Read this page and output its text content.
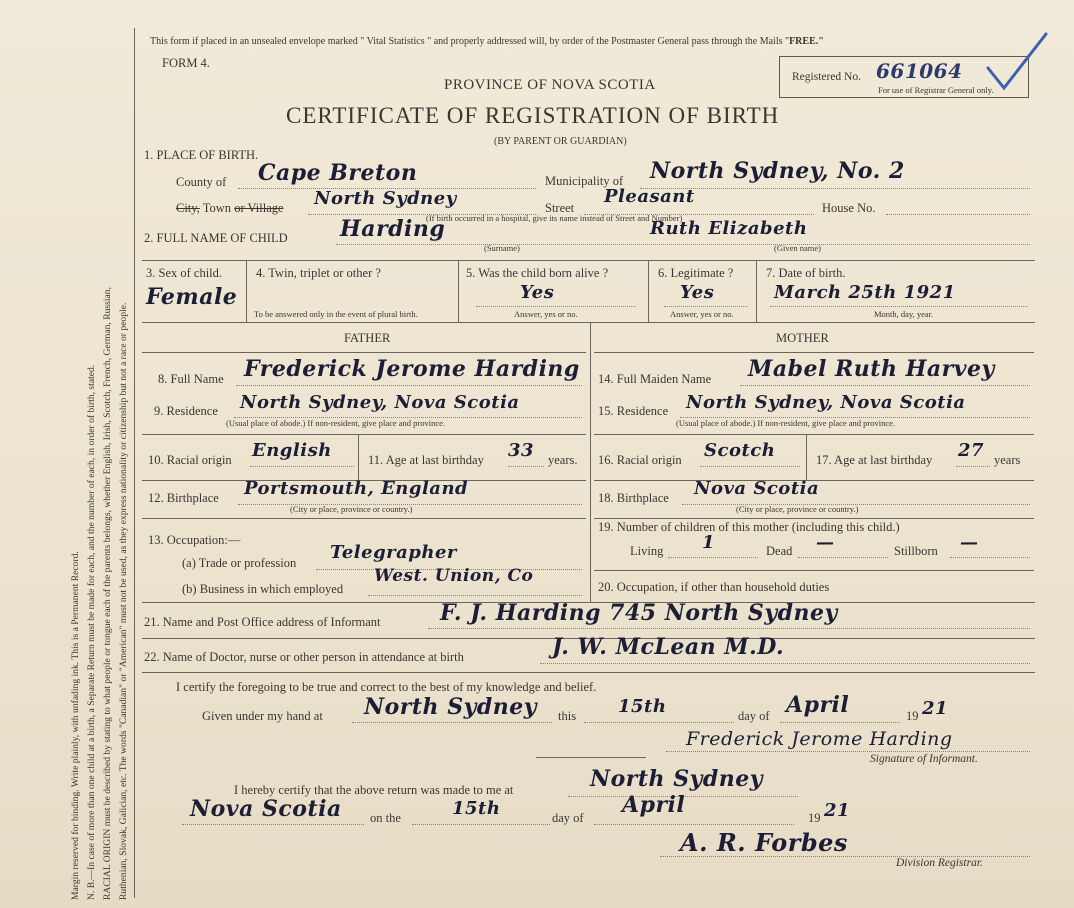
Margin reserved for binding. Write plainly, with unfading ink. This is a Permanent Record. N. B.—In case of more than one child at a birth, a Separate Return must be made for each, and the number of each, in order of birth, stated. RACIAL ORIGIN must be described by stating to what people or tongue each of the parents belongs, whether English, Irish, Scotch, French, German, Russian, Ruthenian, Slovak, Galician, etc. The words "Canadian" or "American" must not be used, as they express nationality or citizenship but not a race or people.
This form if placed in an unsealed envelope marked " Vital Statistics " and properly addressed will, by order of the Postmaster General pass through the Mails "FREE."
FORM 4.
PROVINCE OF NOVA SCOTIA
CERTIFICATE OF REGISTRATION OF BIRTH
(BY PARENT OR GUARDIAN)
Registered No. 661064
For use of Registrar General only.
1. PLACE OF BIRTH.
County of Cape Breton	Municipality of North Sydney, No. 2
City, Town or Village North Sydney	Street
Pleasant
House No.
(If birth occurred in a hospital, give its name instead of Street and Number)
2. FULL NAME OF CHILD Harding
(Surname)
Ruth Elizabeth
(Given name)
3. Sex of child.
Female
4. Twin, triplet or other ?
To be answered only in the event of plural birth.
5. Was the child born alive ?
Yes
Answer, yes or no.
6. Legitimate ?
Yes
Answer, yes or no.
7. Date of birth.
March 25th 1921
Month, day, year.
FATHER	MOTHER
8. Full Name Frederick Jerome Harding
9. Residence North Sydney, Nova Scotia
(Usual place of abode.) If non-resident, give place and province.
10. Racial origin English	11. Age at last birthday 33 years.
12. Birthplace Portsmouth, England
(City or place, province or country.)
13. Occupation:—
(a) Trade or profession Telegrapher
(b) Business in which employed
West. Union, Co
14. Full Maiden Name Mabel Ruth Harvey
15. Residence North Sydney, Nova Scotia
(Usual place of abode.) If non-resident, give place and province.
16. Racial origin Scotch	17. Age at last birthday 27 years
18. Birthplace Nova Scotia
(City or place, province or country.)
19. Number of children of this mother (including this child.)
Living 1	Dead —	Stillborn —
20. Occupation, if other than household duties
21. Name and Post Office address of Informant	F. J. Harding 745 North Sydney
22. Name of Doctor, nurse or other person in attendance at birth	J. W. McLean M.D.
I certify the foregoing to be true and correct to the best of my knowledge and belief.
Given under my hand at North Sydney this 15th	day of April	19 21
Frederick Jerome Harding
Signature of Informant.
I hereby certify that the above return was made to me at	North Sydney
Nova Scotia on the	15th	day of April	19 21
A. R. Forbes
Division Registrar.
